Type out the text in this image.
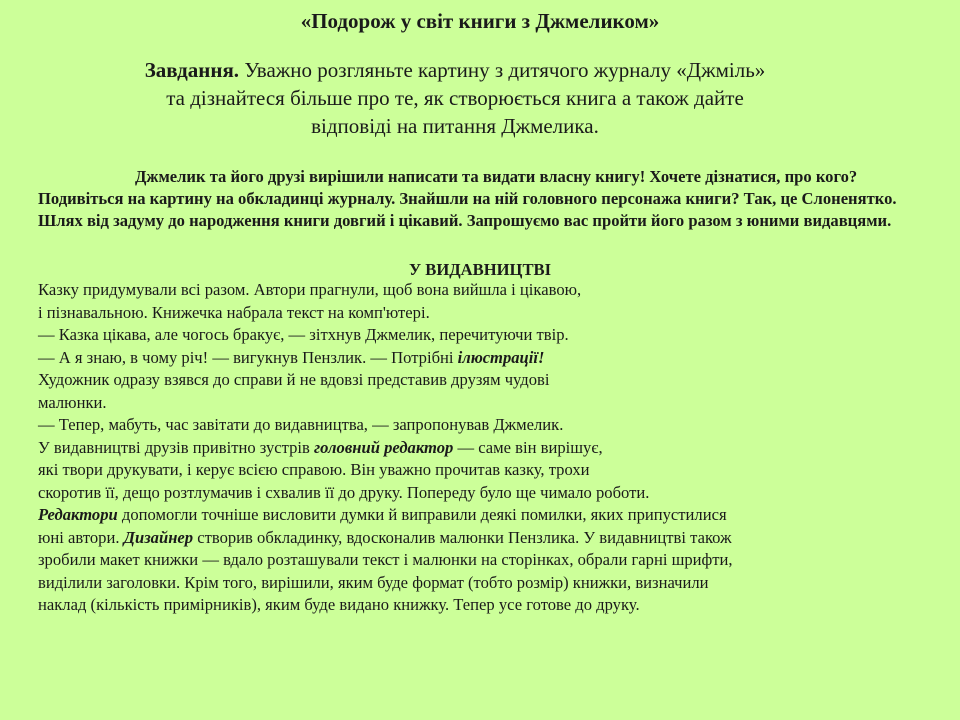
«Подорож у світ книги з Джмеликом»
Завдання. Уважно розгляньте картину з дитячого журналу «Джміль»
та дізнайтеся більше про те, як створюється книга а також дайте
відповіді на питання Джмелика.
Джмелик та його друзі вирішили написати та видати власну книгу! Хочете дізнатися, про кого? Подивіться на картину на обкладинці журналу. Знайшли на ній головного персонажа книги? Так, це Слоненятко. Шлях від задуму до народження книги довгий і цікавий. Запрошуємо вас пройти його разом з юними видавцями.
У ВИДАВНИЦТВІ
Казку придумували всі разом. Автори прагнули, щоб вона вийшла і цікавою,
і пізнавальною. Книжечка набрала текст на комп'ютері.
— Казка цікава, але чогось бракує, — зітхнув Джмелик, перечитуючи твір.
— А я знаю, в чому річ! — вигукнув Пензлик. — Потрібні ілюстрації!
Художник одразу взявся до справи й не вдовзі представив друзям чудові
малюнки.
— Тепер, мабуть, час завітати до видавництва, — запропонував Джмелик.
У видавництві друзів привітно зустрів головний редактор — саме він вирішує,
які твори друкувати, і керує всією справою. Він уважно прочитав казку, трохи
скоротив її, дещо розтлумачив і схвалив її до друку. Попереду було ще чимало роботи.
Редактори допомогли точніше висловити думки й виправили деякі помилки, яких припустилися
юні автори. Дизайнер створив обкладинку, вдосконалив малюнки Пензлика. У видавництві також
зробили макет книжки — вдало розташували текст і малюнки на сторінках, обрали гарні шрифти,
виділили заголовки. Крім того, вирішили, яким буде формат (тобто розмір) книжки, визначили
наклад (кількість примірників), яким буде видано книжку. Тепер усе готове до друку.
